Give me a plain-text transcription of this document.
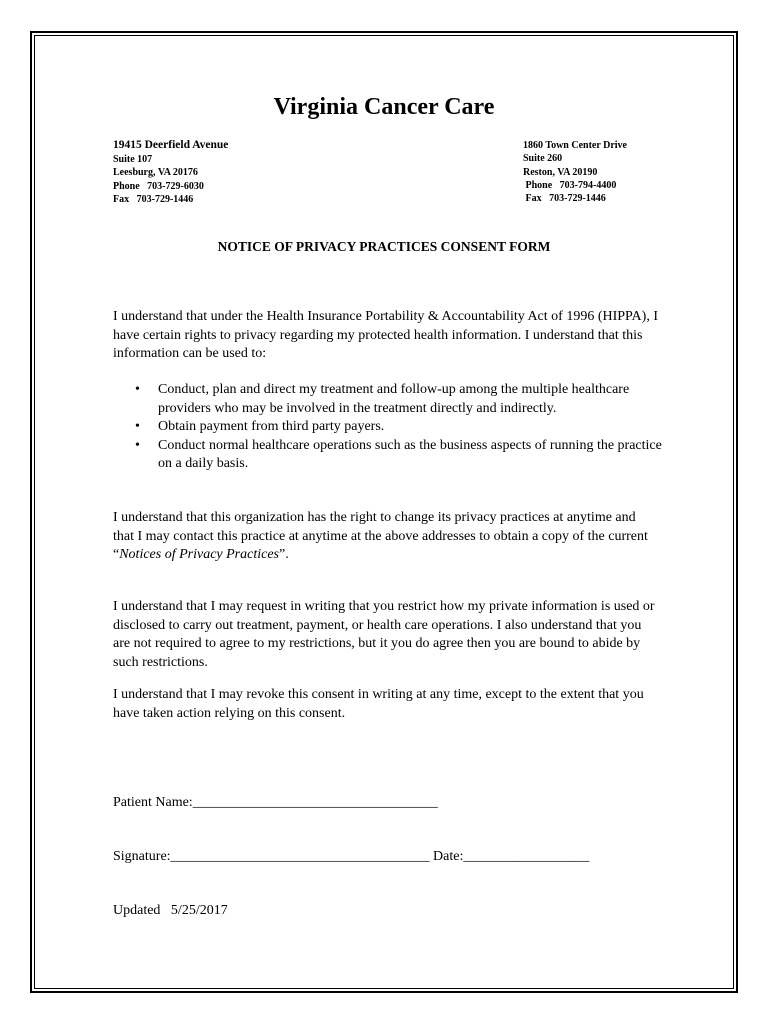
Virginia Cancer Care
19415 Deerfield Avenue
Suite 107
Leesburg, VA 20176
Phone   703-729-6030
Fax   703-729-1446
1860 Town Center Drive
Suite 260
Reston, VA 20190
Phone   703-794-4400
Fax   703-729-1446
NOTICE OF PRIVACY PRACTICES CONSENT FORM
I understand that under the Health Insurance Portability & Accountability Act of 1996 (HIPPA), I have certain rights to privacy regarding my protected health information. I understand that this information can be used to:
• Conduct, plan and direct my treatment and follow-up among the multiple healthcare providers who may be involved in the treatment directly and indirectly.
• Obtain payment from third party payers.
• Conduct normal healthcare operations such as the business aspects of running the practice on a daily basis.
I understand that this organization has the right to change its privacy practices at anytime and that I may contact this practice at anytime at the above addresses to obtain a copy of the current “Notices of Privacy Practices”.
I understand that I may request in writing that you restrict how my private information is used or disclosed to carry out treatment, payment, or health care operations. I also understand that you are not required to agree to my restrictions, but it you do agree then you are bound to abide by such restrictions.
I understand that I may revoke this consent in writing at any time, except to the extent that you have taken action relying on this consent.
Patient Name:___________________________________
Signature:_____________________________________ Date:__________________
Updated   5/25/2017
